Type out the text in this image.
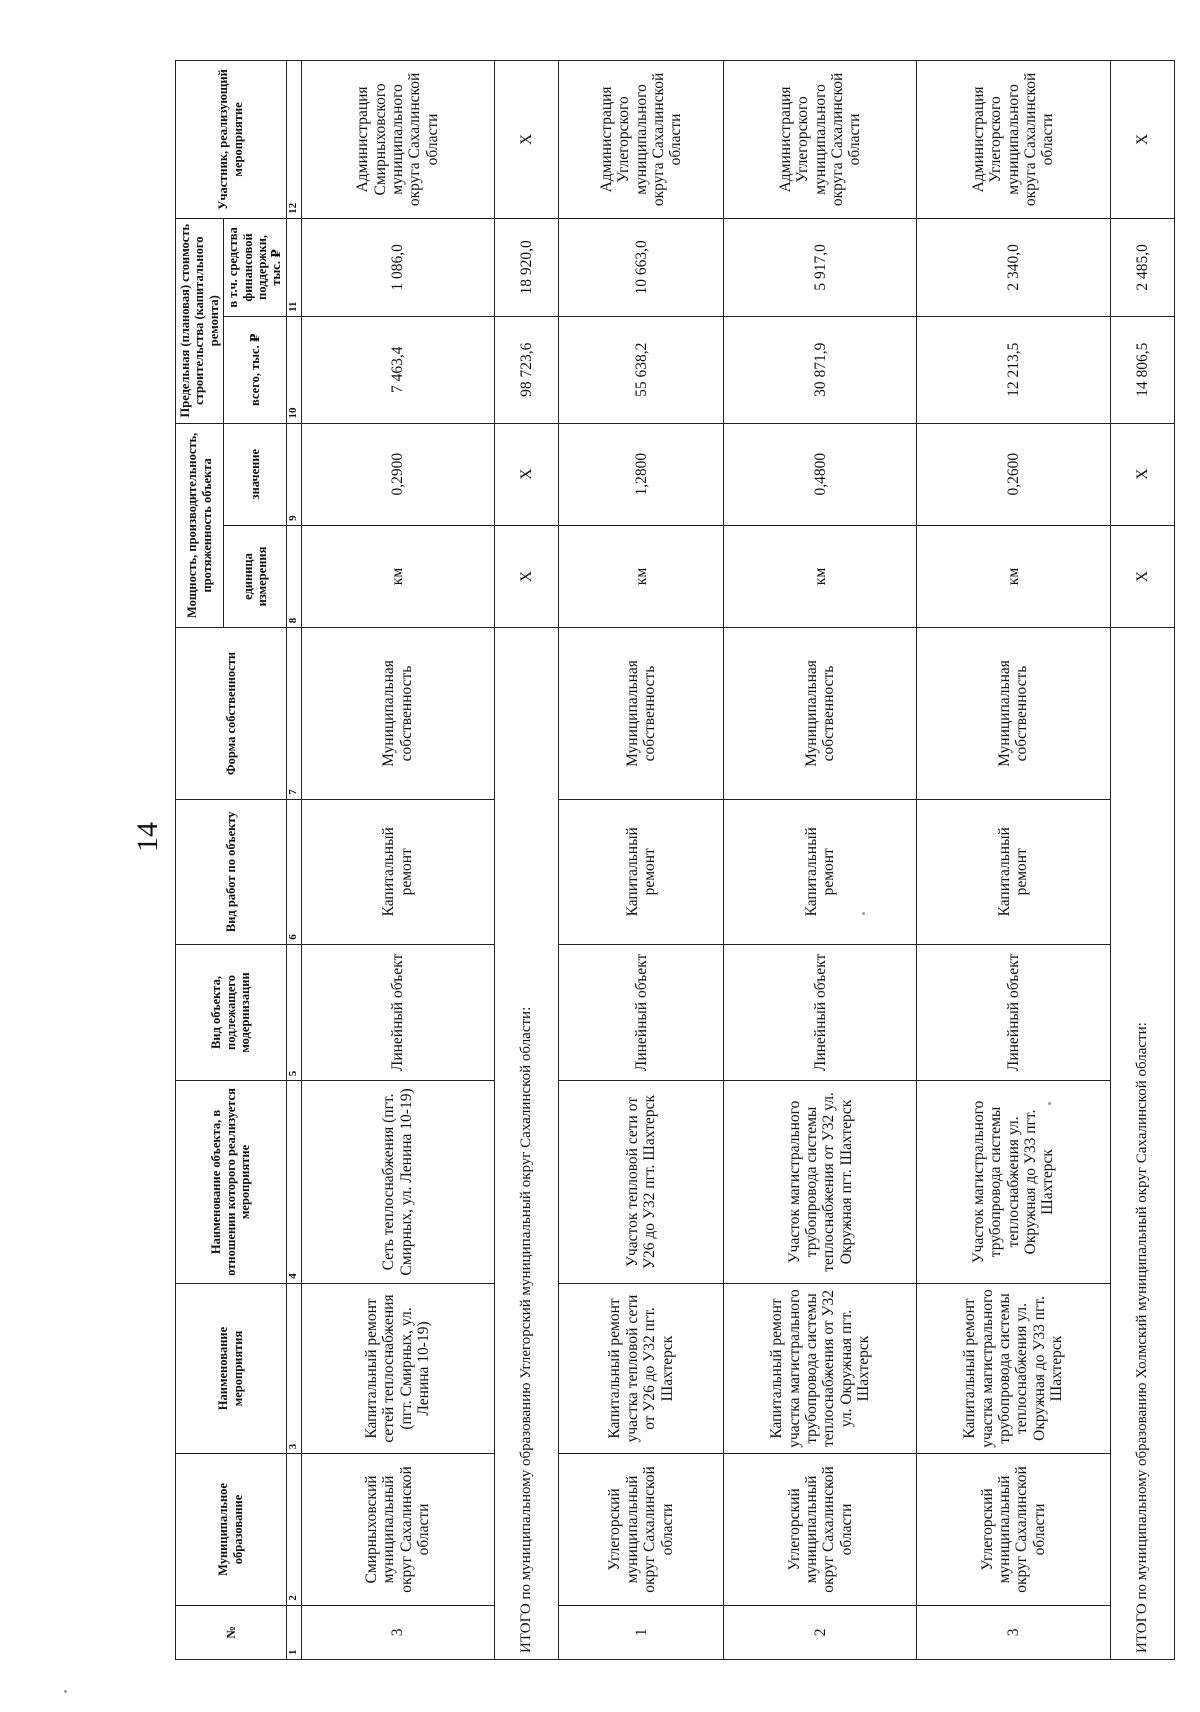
14
№	Муниципальное образование	Наименование мероприятия	Наименование объекта, в отношении которого реализуется мероприятие	Вид объекта, подлежащего модернизации	Вид работ по объекту	Форма собственности	Мощность, производительность, протяженность объекта		Предельная (плановая) стоимость строительства (капитального ремонта)		Участник, реализующий мероприятие
							единица измерения	значение	всего, тыс. ₽	в т.ч. средства финансовой поддержки, тыс. ₽	
1	2	3	4	5	6	7	8	9	10	11	12
3	Смирныховский муниципальный округ Сахалинской области	Капитальный ремонт сетей теплоснабжения (пгт. Смирных, ул. Ленина 10-19)	Сеть теплоснабжения (пгт. Смирных, ул. Ленина 10-19)	Линейный объект	Капитальный ремонт	Муниципальная собственность	км	0,2900	7 463,4	1 086,0	Администрация Смирныховского муниципального округа Сахалинской области
ИТОГО по муниципальному образованию Углегорский муниципальный округ Сахалинской области:							Х	Х	98 723,6	18 920,0	Х
1	Углегорский муниципальный округ Сахалинской области	Капитальный ремонт участка тепловой сети от У26 до У32 пгт. Шахтерск	Участок тепловой сети от У26 до У32 пгт. Шахтерск	Линейный объект	Капитальный ремонт	Муниципальная собственность	км	1,2800	55 638,2	10 663,0	Администрация Углегорского муниципального округа Сахалинской области
2	Углегорский муниципальный округ Сахалинской области	Капитальный ремонт участка магистрального трубопровода системы теплоснабжения от У32 ул. Окружная пгт. Шахтерск	Участок магистрального трубопровода системы теплоснабжения от У32 ул. Окружная пгт. Шахтерск	Линейный объект	Капитальный ремонт	Муниципальная собственность	км	0,4800	30 871,9	5 917,0	Администрация Углегорского муниципального округа Сахалинской области
3	Углегорский муниципальный округ Сахалинской области	Капитальный ремонт участка магистрального трубопровода системы теплоснабжения ул. Окружная до У33 пгт. Шахтерск	Участок магистрального трубопровода системы теплоснабжения ул. Окружная до У33 пгт. Шахтерск	Линейный объект	Капитальный ремонт	Муниципальная собственность	км	0,2600	12 213,5	2 340,0	Администрация Углегорского муниципального округа Сахалинской области
ИТОГО по муниципальному образованию Холмский муниципальный округ Сахалинской области:							Х	Х	14 806,5	2 485,0	Х
